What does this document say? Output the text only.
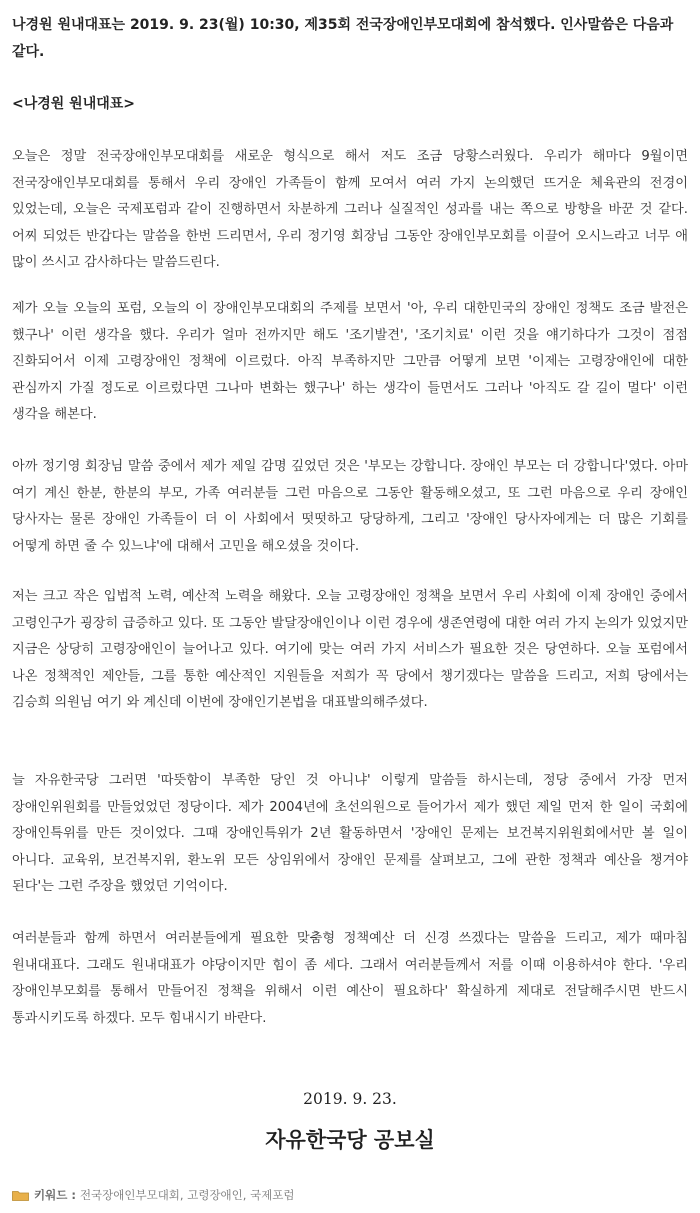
나경원 원내대표는 2019. 9. 23(월) 10:30, 제35회 전국장애인부모대회에 참석했다. 인사말씀은 다음과 같다.
<나경원 원내대표>
오늘은 정말 전국장애인부모대회를 새로운 형식으로 해서 저도 조금 당황스러웠다. 우리가 해마다 9월이면 전국장애인부모대회를 통해서 우리 장애인 가족들이 함께 모여서 여러 가지 논의했던 뜨거운 체육관의 전경이 있었는데, 오늘은 국제포럼과 같이 진행하면서 차분하게 그러나 실질적인 성과를 내는 쪽으로 방향을 바꾼 것 같다. 어찌 되었든 반갑다는 말씀을 한번 드리면서, 우리 정기영 회장님 그동안 장애인부모회를 이끌어 오시느라고 너무 애 많이 쓰시고 감사하다는 말씀드린다.
제가 오늘 오늘의 포럼, 오늘의 이 장애인부모대회의 주제를 보면서 '아, 우리 대한민국의 장애인 정책도 조금 발전은 했구나' 이런 생각을 했다. 우리가 얼마 전까지만 해도 '조기발견', '조기치료' 이런 것을 얘기하다가 그것이 점점 진화되어서 이제 고령장애인 정책에 이르렀다. 아직 부족하지만 그만큼 어떻게 보면 '이제는 고령장애인에 대한 관심까지 가질 정도로 이르렀다면 그나마 변화는 했구나' 하는 생각이 들면서도 그러나 '아직도 갈 길이 멀다' 이런 생각을 해본다.
아까 정기영 회장님 말씀 중에서 제가 제일 감명 깊었던 것은 '부모는 강합니다. 장애인 부모는 더 강합니다'였다. 아마 여기 계신 한분, 한분의 부모, 가족 여러분들 그런 마음으로 그동안 활동해오셨고, 또 그런 마음으로 우리 장애인 당사자는 물론 장애인 가족들이 더 이 사회에서 떳떳하고 당당하게, 그리고 '장애인 당사자에게는 더 많은 기회를 어떻게 하면 줄 수 있느냐'에 대해서 고민을 해오셨을 것이다.
저는 크고 작은 입법적 노력, 예산적 노력을 해왔다. 오늘 고령장애인 정책을 보면서 우리 사회에 이제 장애인 중에서 고령인구가 굉장히 급증하고 있다. 또 그동안 발달장애인이나 이런 경우에 생존연령에 대한 여러 가지 논의가 있었지만 지금은 상당히 고령장애인이 늘어나고 있다. 여기에 맞는 여러 가지 서비스가 필요한 것은 당연하다. 오늘 포럼에서 나온 정책적인 제안들, 그를 통한 예산적인 지원들을 저희가 꼭 당에서 챙기겠다는 말씀을 드리고, 저희 당에서는 김승희 의원님 여기 와 계신데 이번에 장애인기본법을 대표발의해주셨다.
늘 자유한국당 그러면 '따뜻함이 부족한 당인 것 아니냐' 이렇게 말씀들 하시는데, 정당 중에서 가장 먼저 장애인위원회를 만들었었던 정당이다. 제가 2004년에 초선의원으로 들어가서 제가 했던 제일 먼저 한 일이 국회에 장애인특위를 만든 것이었다. 그때 장애인특위가 2년 활동하면서 '장애인 문제는 보건복지위원회에서만 볼 일이 아니다. 교육위, 보건복지위, 환노위 모든 상임위에서 장애인 문제를 살펴보고, 그에 관한 정책과 예산을 챙겨야 된다'는 그런 주장을 했었던 기억이다.
여러분들과 함께 하면서 여러분들에게 필요한 맞춤형 정책예산 더 신경 쓰겠다는 말씀을 드리고, 제가 때마침 원내대표다. 그래도 원내대표가 야당이지만 힘이 좀 세다. 그래서 여러분들께서 저를 이때 이용하셔야 한다. '우리 장애인부모회를 통해서 만들어진 정책을 위해서 이런 예산이 필요하다' 확실하게 제대로 전달해주시면 반드시 통과시키도록 하겠다. 모두 힘내시기 바란다.
2019. 9. 23.
자유한국당 공보실
키워드 : 전국장애인부모대회, 고령장애인, 국제포럼
